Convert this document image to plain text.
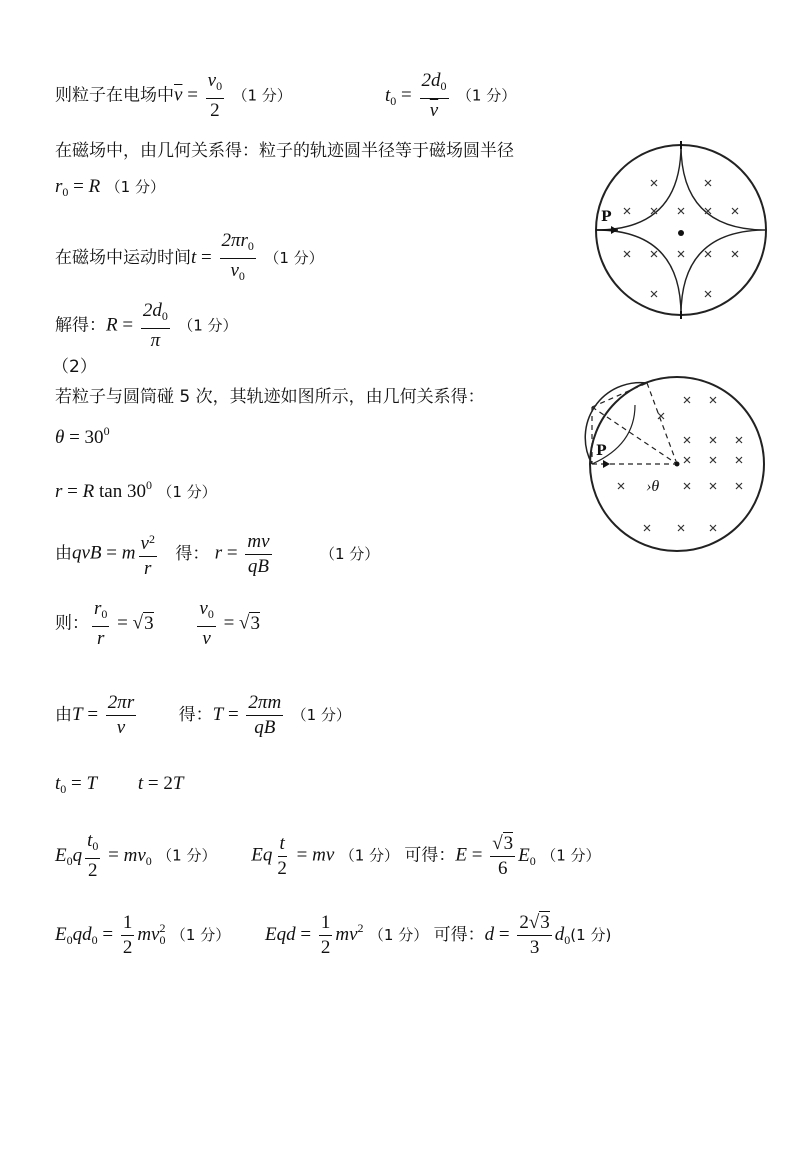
则粒子在电场中$\overline{v} = \frac{v_0}{2} (1$ 分）	$t_0 = \frac{2d_0}{v} (1$ 分）
在磁场中，由几何关系得：粒子的轨迹圆半径等于磁场圆半径
$r_0 = R$ （1 分）
在磁场中运动时间$t = \frac{2\pi r_0}{v_0} (1$ 分）
解得：$R = \frac{2d_0}{\pi} (1$ 分）
（2）
若粒子与圆筒碰 5 次，其轨迹如图所示，由几何关系得：
$\theta = 30^0$
r = R $\tan 30^0$ （1 分）
由qvB = m $\frac{v^2}{r}$ 得： $r = \frac{mv}{qB}$	（1 分）
则： $\frac{r_0}{r} = √3 \frac{v_0}{v} = √3$
由$T = \frac{2\pi r}{v}$ 得：$T = \frac{2\pi m}{qB} (1$ 分）
$t_0 = T$ t = 2T
$E_0q \frac{t_0}{2} = mv_0$ （1 分） Eq $\frac{t}{2}$ = mv （1 分） 可得：$E = \frac{√3}{6} E_0$ （1 分）
$E_0qd_0 = \frac{1}{2} mv_0^2$ （1 分） Eqd = $\frac{1}{2} mv^2$ （1 分） 可得：$d = \frac{2√3}{3} d_0(1$ 分)
P
P
›θ
